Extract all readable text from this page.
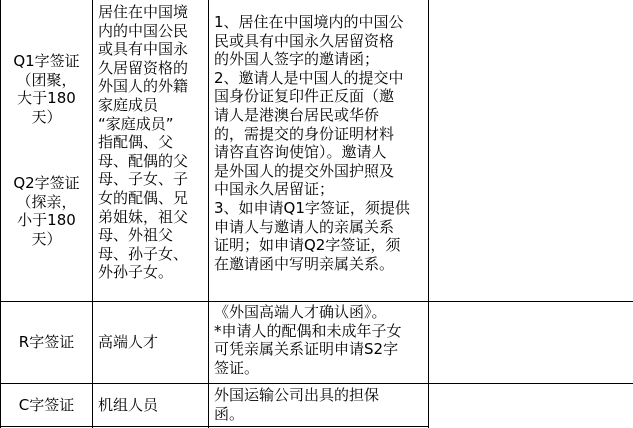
Q1字签证
（团聚，
大于180
天）
Q2字签证
（探亲，
小于180
天）
居住在中国境
内的中国公民
或具有中国永
久居留资格的
外国人的外籍
家庭成员
“家庭成员”
指配偶、父
母、配偶的父
母、子女、子
女的配偶、兄
弟姐妹，祖父
母、外祖父
母、孙子女、
外孙子女。
1、居住在中国境内的中国公
民或具有中国永久居留资格
的外国人签字的邀请函；
2、邀请人是中国人的提交中
国身份证复印件正反面（邀
请人是港澳台居民或华侨
的，需提交的身份证明材料
请咨直咨询使馆）。邀请人
是外国人的提交外国护照及
中国永久居留证；
3、如申请Q1字签证，须提供
申请人与邀请人的亲属关系
证明；如申请Q2字签证，须
在邀请函中写明亲属关系。
R字签证	高端人才
《外国高端人才确认函》。
*申请人的配偶和未成年子女
可凭亲属关系证明申请S2字
签证。
C字签证	机组人员
外国运输公司出具的担保
函。
